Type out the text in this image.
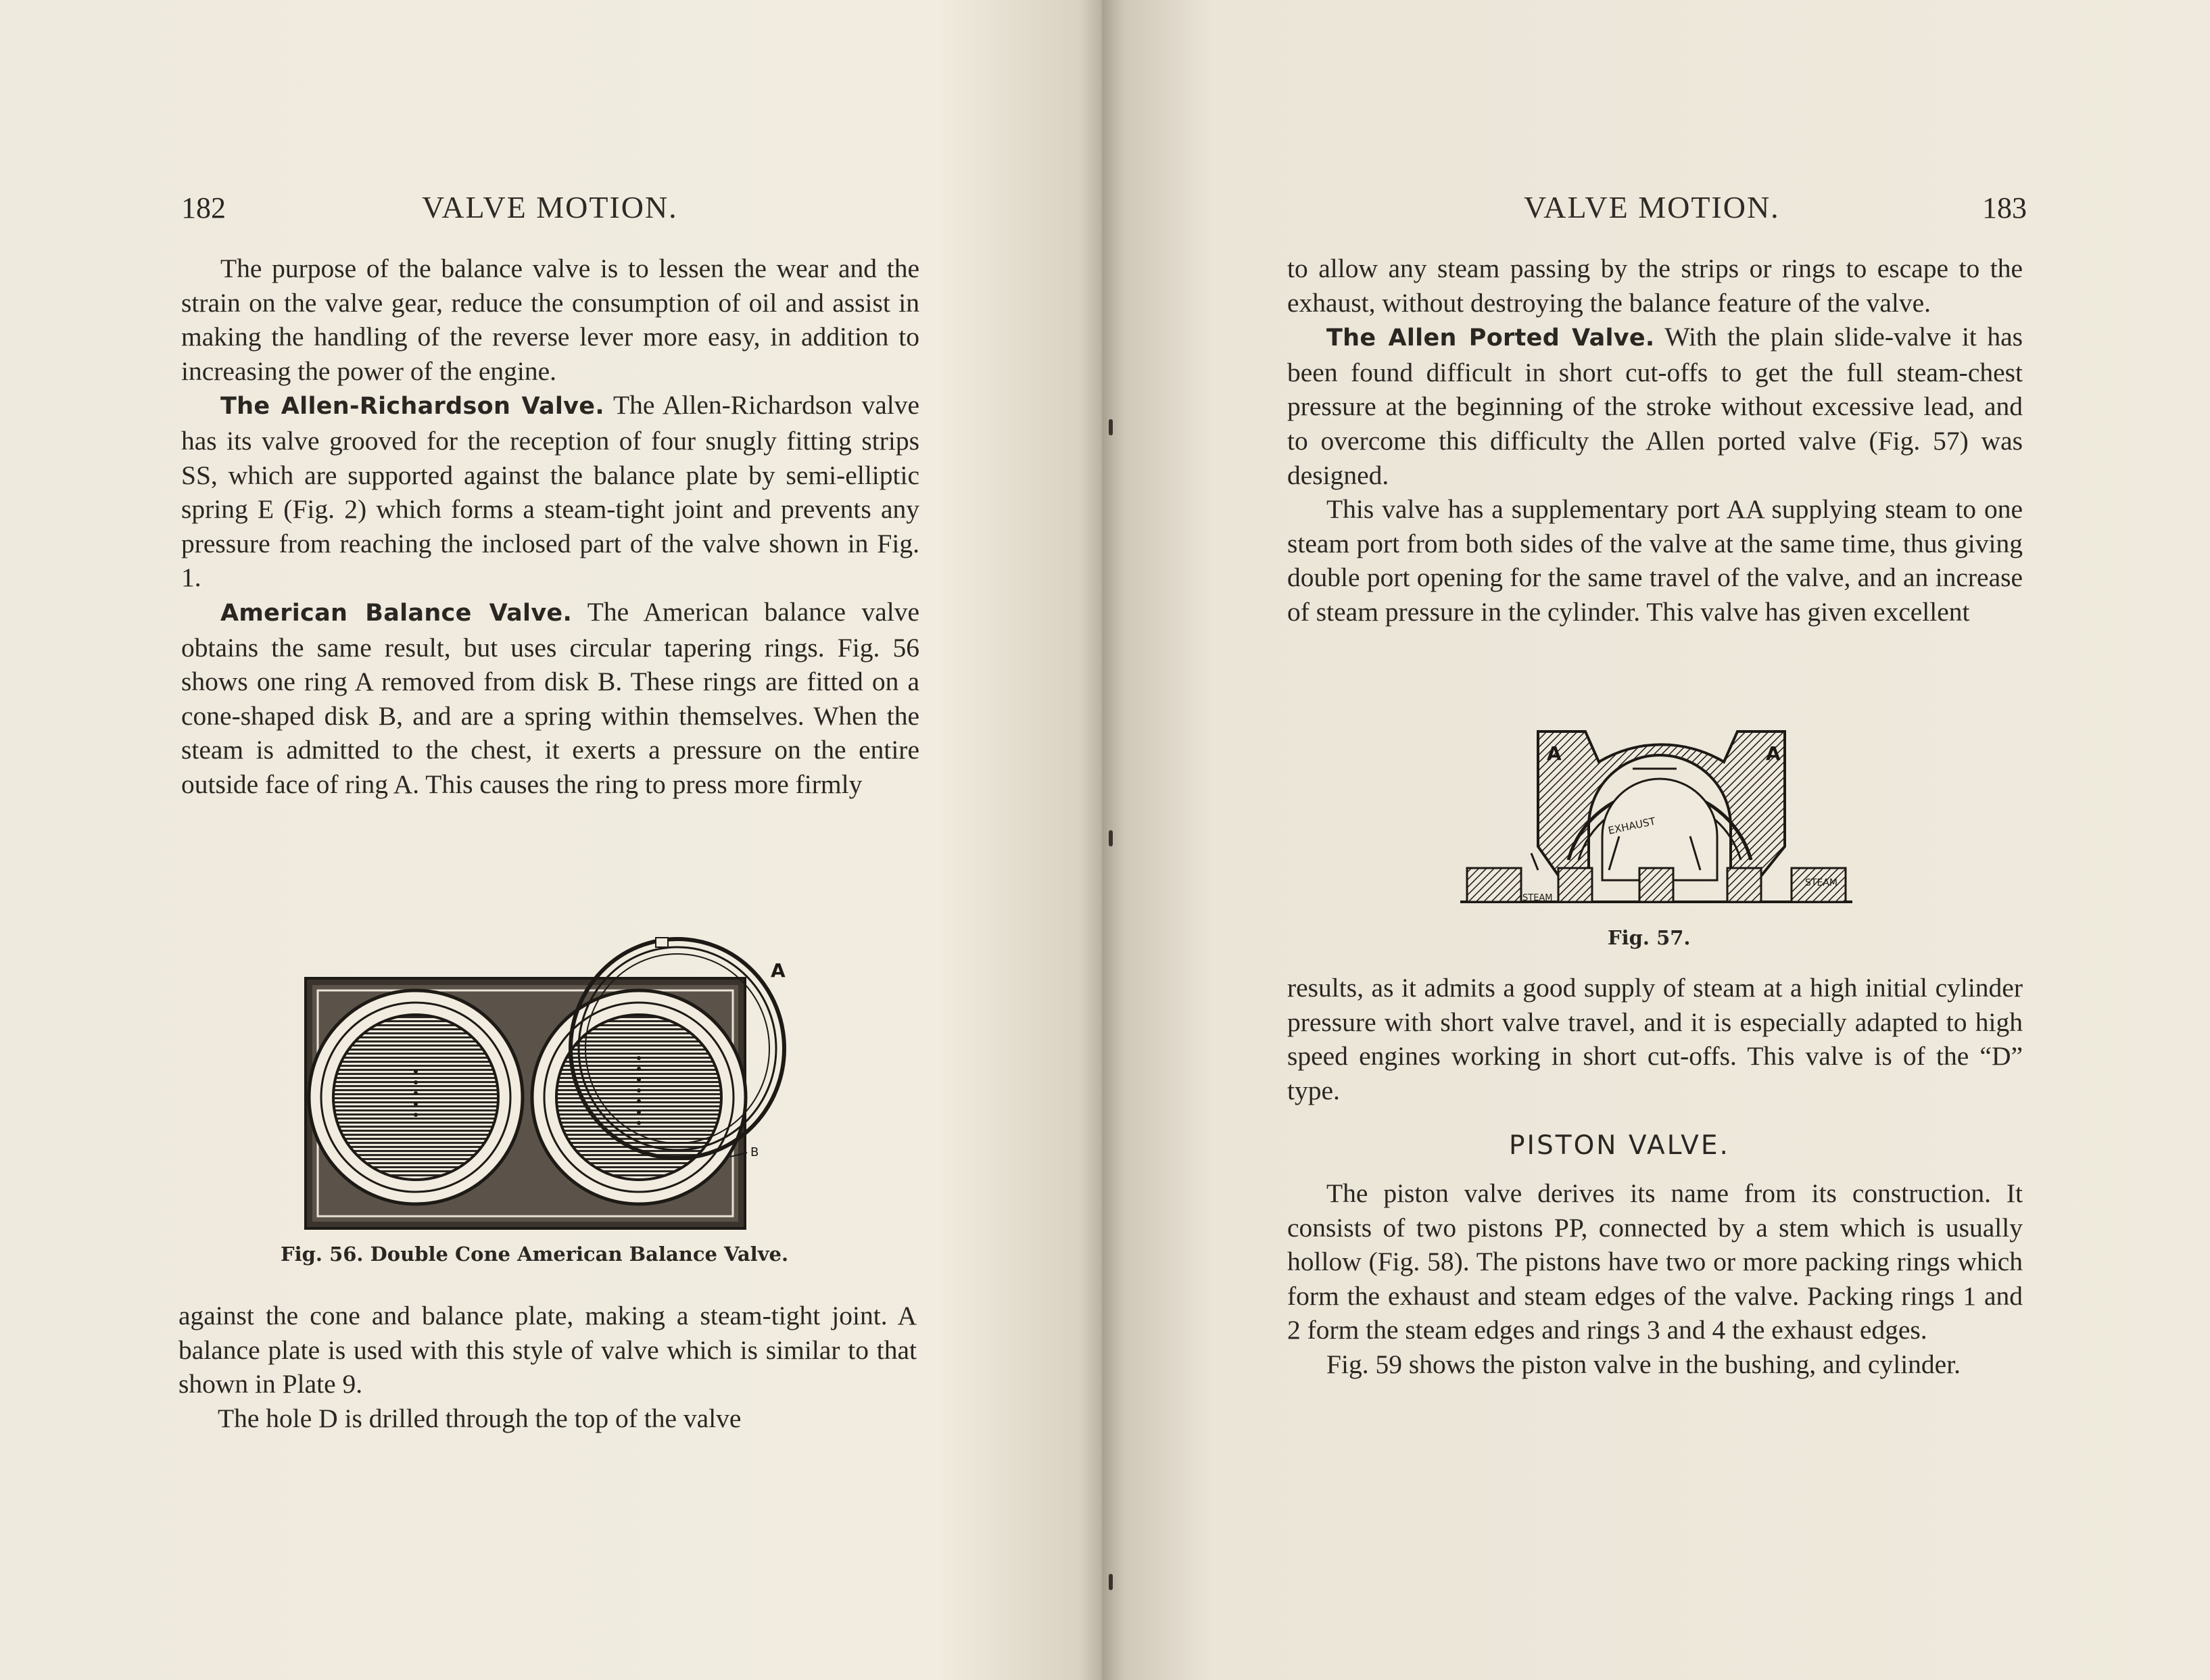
182	VALVE MOTION.

The purpose of the balance valve is to lessen the wear and the strain on the valve gear, reduce the consumption of oil and assist in making the handling of the reverse lever more easy, in addition to increasing the power of the engine.

The Allen-Richardson Valve. The Allen-Richardson valve has its valve grooved for the reception of four snugly fitting strips SS, which are supported against the balance plate by semi-elliptic spring E (Fig. 2) which forms a steam-tight joint and prevents any pressure from reaching the inclosed part of the valve shown in Fig. 1.

American Balance Valve. The American balance valve obtains the same result, but uses circular tapering rings. Fig. 56 shows one ring A removed from disk B. These rings are fitted on a cone-shaped disk B, and are a spring within themselves. When the steam is admitted to the chest, it exerts a pressure on the entire outside face of ring A. This causes the ring to press more firmly

A
B
Fig. 56. Double Cone American Balance Valve.

against the cone and balance plate, making a steam-tight joint. A balance plate is used with this style of valve which is similar to that shown in Plate 9.

The hole D is drilled through the top of the valve

VALVE MOTION.	183

to allow any steam passing by the strips or rings to escape to the exhaust, without destroying the balance feature of the valve.

The Allen Ported Valve. With the plain slide-valve it has been found difficult in short cut-offs to get the full steam-chest pressure at the beginning of the stroke without excessive lead, and to overcome this difficulty the Allen ported valve (Fig. 57) was designed.

This valve has a supplementary port AA supplying steam to one steam port from both sides of the valve at the same time, thus giving double port opening for the same travel of the valve, and an increase of steam pressure in the cylinder. This valve has given excellent

A	A
EXHAUST
STEAM
STEAM
Fig. 57.

results, as it admits a good supply of steam at a high initial cylinder pressure with short valve travel, and it is especially adapted to high speed engines working in short cut-offs. This valve is of the “D” type.

PISTON VALVE.

The piston valve derives its name from its construction. It consists of two pistons PP, connected by a stem which is usually hollow (Fig. 58). The pistons have two or more packing rings which form the exhaust and steam edges of the valve. Packing rings 1 and 2 form the steam edges and rings 3 and 4 the exhaust edges.

Fig. 59 shows the piston valve in the bushing, and cylinder.
